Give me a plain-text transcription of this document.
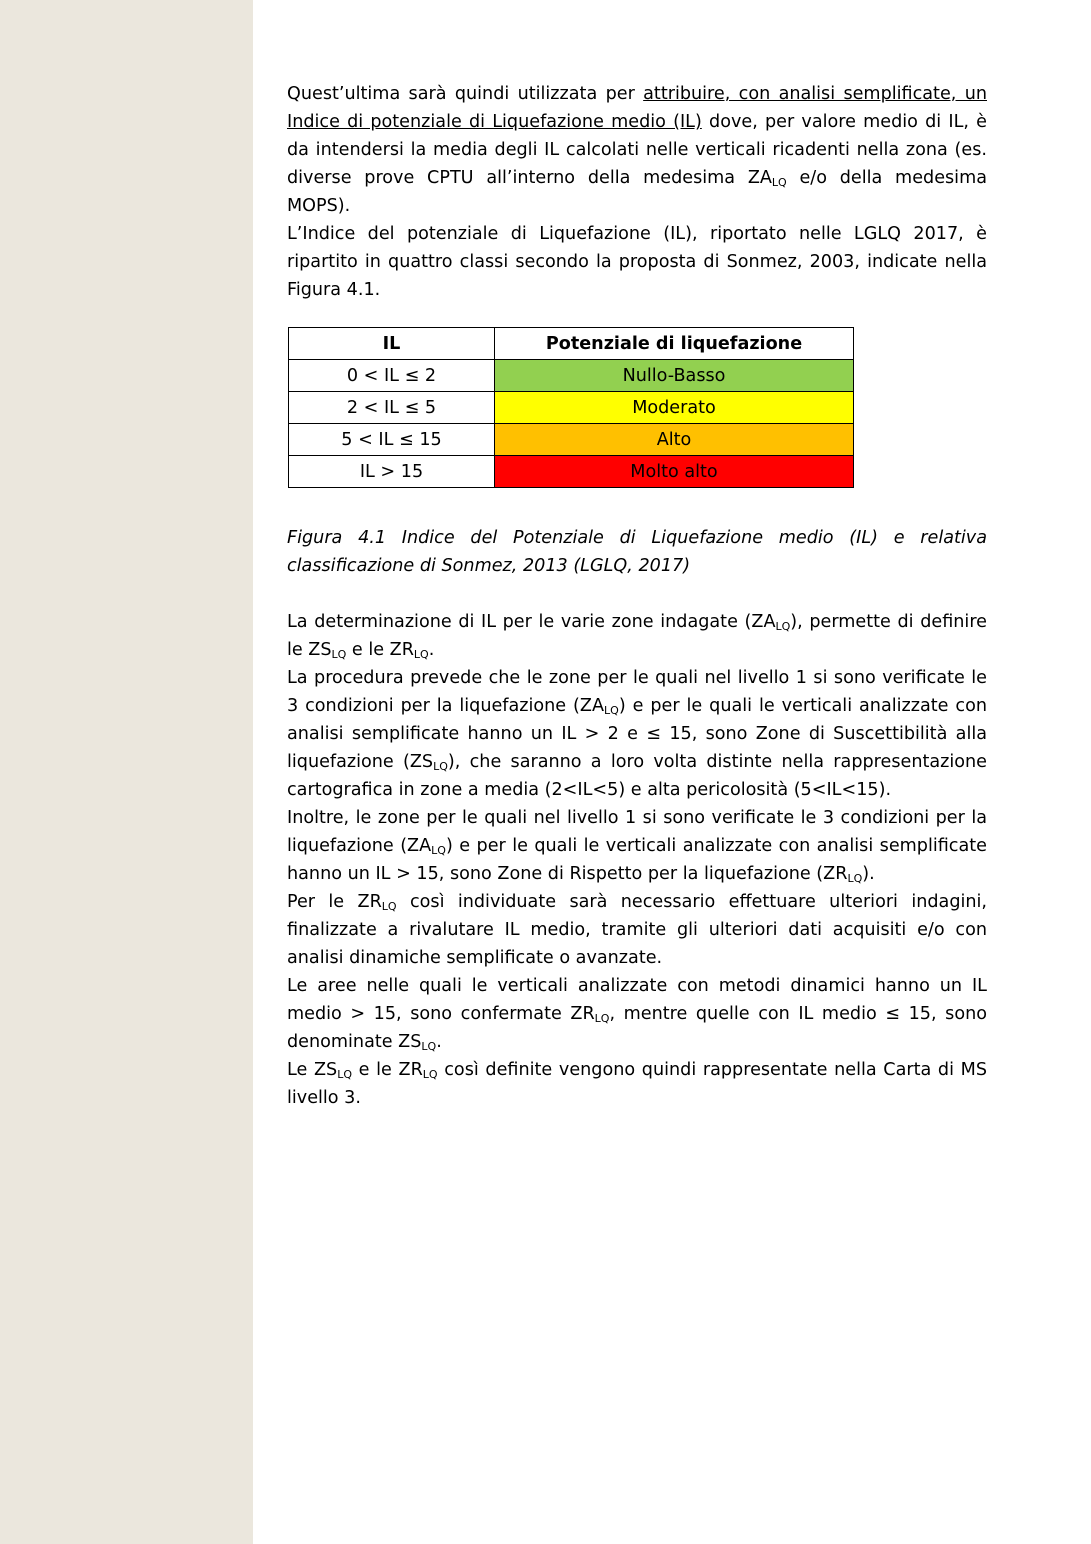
Quest’ultima sarà quindi utilizzata per attribuire, con analisi semplificate, un Indice di potenziale di Liquefazione medio (IL) dove, per valore medio di IL, è da intendersi la media degli IL calcolati nelle verticali ricadenti nella zona (es. diverse prove CPTU all’interno della medesima $ZA_{LQ}$ e/o della medesima MOPS).

L’Indice del potenziale di Liquefazione (IL), riportato nelle LGLQ 2017, è ripartito in quattro classi secondo la proposta di Sonmez, 2003, indicate nella Figura 4.1.

IL	Potenziale di liquefazione
0 < IL ≤ 2	Nullo-Basso
2 < IL ≤ 5	Moderato
5 < IL ≤ 15	Alto
IL > 15	Molto alto

Figura 4.1 Indice del Potenziale di Liquefazione medio (IL) e relativa classificazione di Sonmez, 2013 (LGLQ, 2017)

La determinazione di IL per le varie zone indagate $(ZA_{LQ})$, permette di definire le $ZS_{LQ}$ e le $ZR_{LQ}$.

La procedura prevede che le zone per le quali nel livello 1 si sono verificate le 3 condizioni per la liquefazione $(ZA_{LQ})$ e per le quali le verticali analizzate con analisi semplificate hanno un IL > 2 e ≤ 15, sono Zone di Suscettibilità alla liquefazione $(ZS_{LQ})$, che saranno a loro volta distinte nella rappresentazione cartografica in zone a media (2<IL<5) e alta pericolosità (5<IL<15).

Inoltre, le zone per le quali nel livello 1 si sono verificate le 3 condizioni per la liquefazione $(ZA_{LQ})$ e per le quali le verticali analizzate con analisi semplificate hanno un IL > 15, sono Zone di Rispetto per la liquefazione $(ZR_{LQ})$.

Per le $ZR_{LQ}$ così individuate sarà necessario effettuare ulteriori indagini, finalizzate a rivalutare IL medio, tramite gli ulteriori dati acquisiti e/o con analisi dinamiche semplificate o avanzate.

Le aree nelle quali le verticali analizzate con metodi dinamici hanno un IL medio > 15, sono confermate $ZR_{LQ}$, mentre quelle con IL medio ≤ 15, sono denominate $ZS_{LQ}$.

Le $ZS_{LQ}$ e le $ZR_{LQ}$ così definite vengono quindi rappresentate nella Carta di MS livello 3.
